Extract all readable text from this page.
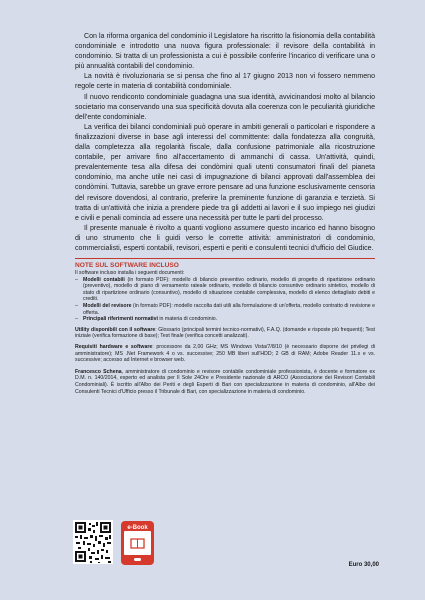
Con la riforma organica del condominio il Legislatore ha riscritto la fisionomia della contabilità condominiale e introdotto una nuova figura professionale: il revisore della contabilità in condominio. Si tratta di un professionista a cui è possibile conferire l'incarico di verificare una o più annualità contabili del condominio.

La novità è rivoluzionaria se si pensa che fino al 17 giugno 2013 non vi fossero nemmeno regole certe in materia di contabilità condominiale.

Il nuovo rendiconto condominiale guadagna una sua identità, avvicinandosi molto al bilancio societario ma conservando una sua specificità dovuta alla coerenza con le peculiarità giuridiche dell'ente condominiale.

La verifica dei bilanci condominiali può operare in ambiti generali o particolari e rispondere a finalizzazioni diverse in base agli interessi del committente: dalla fondatezza alla congruità, dalla completezza alla regolarità fiscale, dalla confusione patrimoniale alla ricostruzione contabile, per arrivare fino all'accertamento di ammanchi di cassa. Un'attività, quindi, prevalentemente tesa alla difesa dei condòmini quali utenti consumatori finali del pianeta condominio, ma anche utile nei casi di impugnazione di bilanci approvati dall'assemblea dei condòmini. Tuttavia, sarebbe un grave errore pensare ad una funzione esclusivamente censoria del revisore dovendosi, al contrario, preferire la preminente funzione di garanzia e terzietà. Si tratta di un'attività che inizia a prendere piede tra gli addetti ai lavori e il suo impiego nei giudizi e civili e penali comincia ad essere una necessità per tutte le parti del processo.

Il presente manuale è rivolto a quanti vogliono assumere questo incarico ed hanno bisogno di uno strumento che li guidi verso le corrette attività: amministratori di condominio, commercialisti, esperti contabili, revisori, esperti e periti e consulenti tecnici d'ufficio del Giudice.

NOTE SUL SOFTWARE INCLUSO

Il software incluso installa i seguenti documenti:

– Modelli contabili (in formato PDF): modello di bilancio preventivo ordinario, modello di progetto di ripartizione ordinario (preventivo), modello di piano di versamento rateale ordinario, modello di bilancio consuntivo ordinario sintetico, modello di stato di ripartizione ordinario (consuntivo), modello di situazione contabile complessiva, modello di elenco dettagliato debiti e crediti.

– Modelli del revisore (in formato PDF): modello raccolta dati utili alla formulazione di un'offerta, modello contratto di revisione e offerta.

– Principali riferimenti normativi in materia di condominio.

Utility disponibili con il software: Glossario (principali termini tecnico-normativi), F.A.Q. (domande e risposte più frequenti); Test iniziale (verifica formazione di base); Test finale (verifica concetti analizzati).

Requisiti hardware e software: processore da 2,00 GHz; MS Windows Vista/7/8/10 (è necessario disporre dei privilegi di amministratore); MS .Net Framework 4 o vs. successive; 250 MB liberi sull'HDD; 2 GB di RAM; Adobe Reader 11.x e vs. successive; accesso ad Internet e browser web.

Francesco Schena, amministratore di condominio e revisore contabile condominiale professionista, è docente e formatore ex D.M. n. 140/2014, esperto ed analista per Il Sole 24Ore e Presidente nazionale di ARCO (Associazione dei Revisori Contabili Condominiali). È iscritto all'Albo dei Periti e degli Esperti di Bari con specializzazione in materia di condominio, all'Albo dei Consulenti Tecnici d'Ufficio presso il Tribunale di Bari, con specializzazione in materia di condominio.

e-Book
Euro 30,00
